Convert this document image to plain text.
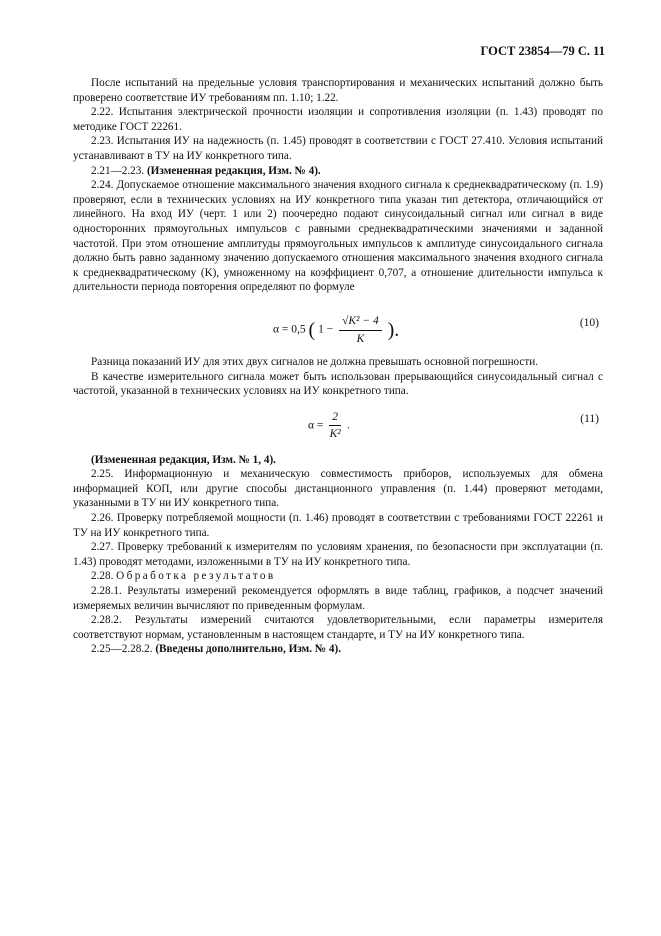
ГОСТ 23854—79 С. 11

После испытаний на предельные условия транспортирования и механических испытаний должно быть проверено соответствие ИУ требованиям пп. 1.10; 1.22.

2.22. Испытания электрической прочности изоляции и сопротивления изоляции (п. 1.43) проводят по методике ГОСТ 22261.

2.23. Испытания ИУ на надежность (п. 1.45) проводят в соответствии с ГОСТ 27.410. Условия испытаний устанавливают в ТУ на ИУ конкретного типа.

2.21—2.23. (Измененная редакция, Изм. № 4).

2.24. Допускаемое отношение максимального значения входного сигнала к среднеквадратическому (п. 1.9) проверяют, если в технических условиях на ИУ конкретного типа указан тип детектора, отличающийся от линейного. На вход ИУ (черт. 1 или 2) поочередно подают синусоидальный сигнал или сигнал в виде односторонних прямоугольных импульсов с равными среднеквадратическими значениями и заданной частотой. При этом отношение амплитуды прямоугольных импульсов к амплитуде синусоидального сигнала должно быть равно заданному значению допускаемого отношения максимального значения входного сигнала к среднеквадратическому (K), умноженному на коэффициент 0,707, а отношение длительности импульса к длительности периода повторения определяют по формуле

α = 0,5 ( $1 - \frac{\text{√K² − 4}}{K}$ ).	(10)

Разница показаний ИУ для этих двух сигналов не должна превышать основной погрешности.

В качестве измерительного сигнала может быть использован прерывающийся синусоидальный сигнал с частотой, указанной в технических условиях на ИУ конкретного типа.

$\alpha = \frac{2}{\text{K²}}$ .
(11)

(Измененная редакция, Изм. № 1, 4).

2.25. Информационную и механическую совместимость приборов, используемых для обмена информацией КОП, или другие способы дистанционного управления (п. 1.44) проверяют методами, указанными в ТУ ни ИУ конкретного типа.

2.26. Проверку потребляемой мощности (п. 1.46) проводят в соответствии с требованиями ГОСТ 22261 и ТУ на ИУ конкретного типа.

2.27. Проверку требований к измерителям по условиям хранения, по безопасности при эксплуатации (п. 1.43) проводят методами, изложенными в ТУ на ИУ конкретного типа.

2.28. Обработка результатов

2.28.1. Результаты измерений рекомендуется оформлять в виде таблиц, графиков, а подсчет значений измеряемых величин вычисляют по приведенным формулам.

2.28.2. Результаты измерений считаются удовлетворительными, если параметры измерителя соответствуют нормам, установленным в настоящем стандарте, и ТУ на ИУ конкретного типа.

2.25—2.28.2. (Введены дополнительно, Изм. № 4).
